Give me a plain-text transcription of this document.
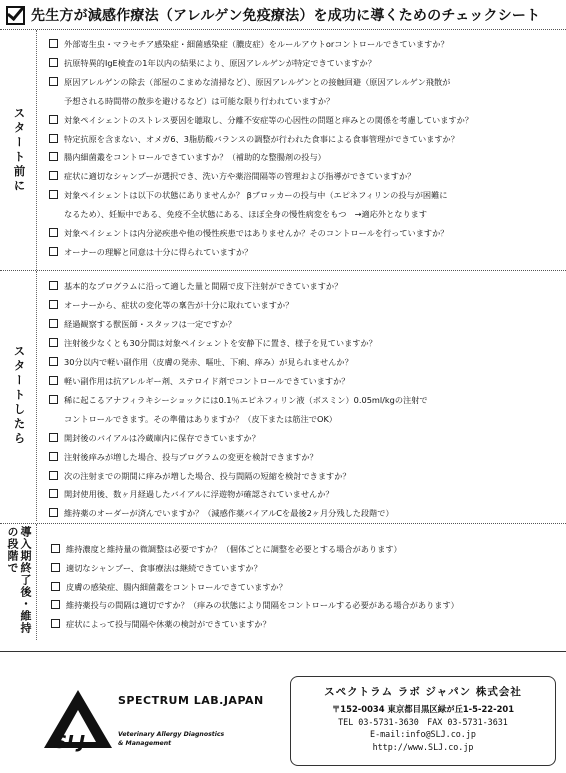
先生方が減感作療法（アレルゲン免疫療法）を成功に導くためのチェックシート
スタート前に
外部寄生虫・マラセチア感染症・細菌感染症（膿皮症）をルールアウトorコントロールできていますか？
抗原特異的IgE検査の1年以内の結果により、原因アレルゲンが特定できていますか？
原因アレルゲンの除去（部屋のこまめな清掃など）、原因アレルゲンとの接触回避（原因アレルゲン飛散が
予想される時間帯の散歩を避けるなど）は可能な限り行われていますか？
対象ペイシェントのストレス要因を聴取し、分離不安症等の心因性の問題と痒みとの関係を考慮していますか？
特定抗原を含まない、オメガ6、3脂肪酸バランスの調整が行われた食事による食事管理ができていますか？
腸内細菌叢をコントロールできていますか？（補助的な整腸剤の投与）
症状に適切なシャンプーが選択でき、洗い方や薬浴間隔等の管理および指導ができていますか？
対象ペイシェントは以下の状態にありませんか？ βブロッカーの投与中（エピネフィリンの投与が困難に
なるため）、妊娠中である、免疫不全状態にある、ほぼ全身の慢性病変をもつ　→適応外となります
対象ペイシェントは内分泌疾患や他の慢性疾患ではありませんか？そのコントロールを行っていますか？
オーナーの理解と同意は十分に得られていますか？
スタートしたら
基本的なプログラムに沿って適した量と間隔で皮下注射ができていますか？
オーナーから、症状の変化等の稟告が十分に取れていますか？
経過観察する獣医師・スタッフは一定ですか？
注射後少なくとも30分間は対象ペイシェントを安静下に置き、様子を見ていますか？
30分以内で軽い副作用（皮膚の発赤、嘔吐、下痢、痒み）が見られませんか？
軽い副作用は抗アレルギー剤、ステロイド剤でコントロールできていますか？
稀に起こるアナフィラキシーショックには0.1％エピネフィリン液（ボスミン）0.05ml/kgの注射で
コントロールできます。その準備はありますか？（皮下または筋注でOK）
開封後のバイアルは冷蔵庫内に保存できていますか？
注射後痒みが増した場合、投与プログラムの変更を検討できますか？
次の注射までの期間に痒みが増した場合、投与間隔の短縮を検討できますか？
開封使用後、数ヶ月経過したバイアルに浮遊物が確認されていませんか？
維持薬のオーダーが済んでいますか？（減感作薬バイアルCを最後2ヶ月分残した段階で）
導入期終了後・維持の段階で	維持濃度と維持量の微調整は必要ですか？（個体ごとに調整を必要とする場合があります）
適切なシャンプー、食事療法は継続できていますか？
皮膚の感染症、腸内細菌叢をコントロールできていますか？
維持薬投与の間隔は適切ですか？（痒みの状態により間隔をコントロールする必要がある場合があります）
症状によって投与間隔や休薬の検討ができていますか？
SLJ
SPECTRUM LAB.JAPAN
Veterinary Allergy Diagnostics
& Management
スペクトラム ラボ ジャパン 株式会社
〒152-0034 東京都目黒区緑が丘1-5-22-201
TEL 03-5731-3630　FAX 03-5731-3631
E-mail:info@SLJ.co.jp
http://www.SLJ.co.jp
